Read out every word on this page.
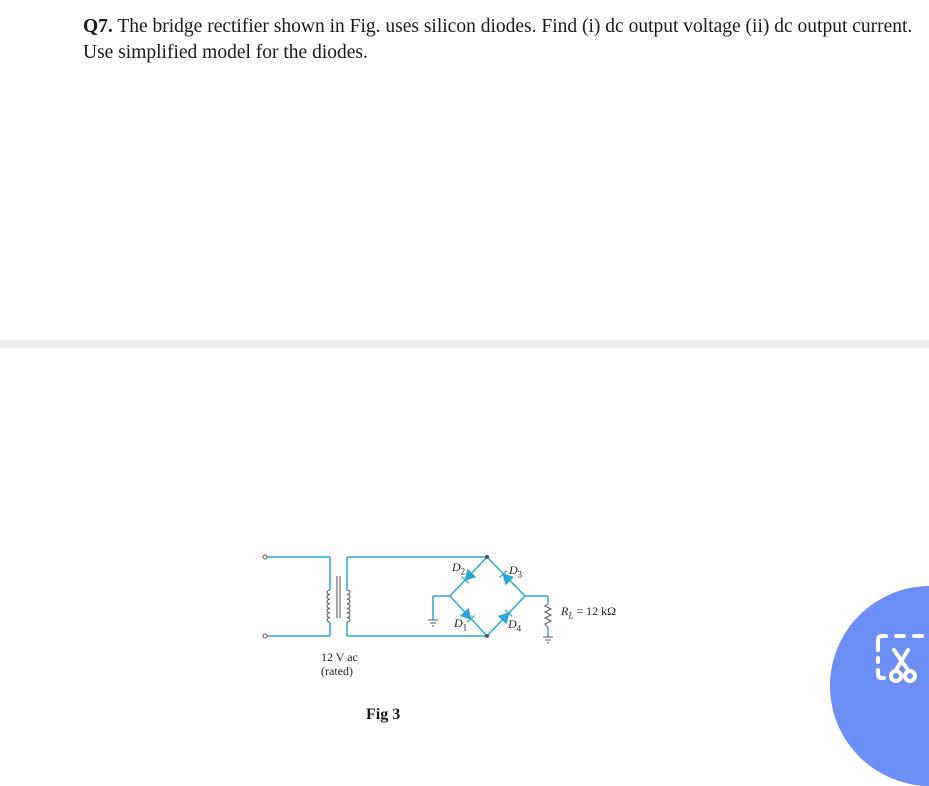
Q7. The bridge rectifier shown in Fig. uses silicon diodes. Find (i) dc output voltage (ii) dc output current. Use simplified model for the diodes.
$D_2$	$D_3$
$D_1$	$D_4$
$R_L = 12$ kΩ
12 V ac
(rated)
Fig 3
